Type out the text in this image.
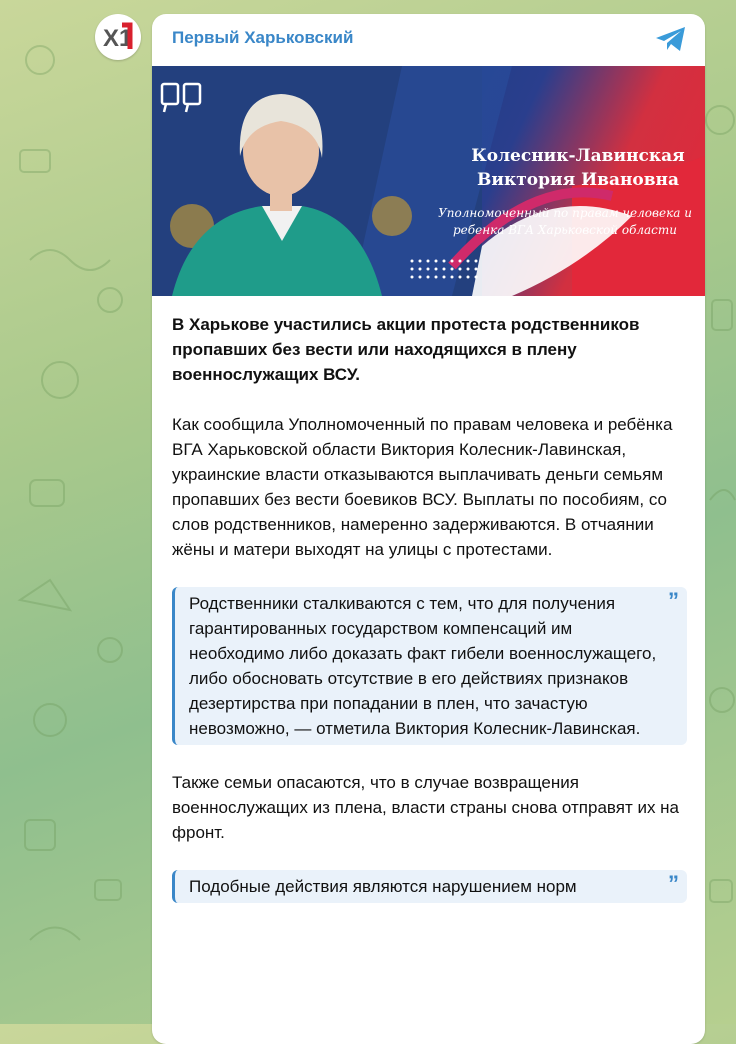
X1 Первый Харьковский
Колесник-Лавинская
Виктория Ивановна
Уполномоченный по правам человека и
ребенка ВГА Харьковской области

В Харькове участились акции протеста родственников пропавших без вести или находящихся в плену военнослужащих ВСУ.

Как сообщила Уполномоченный по правам человека и ребёнка ВГА Харьковской области Виктория Колесник-Лавинская, украинские власти отказываются выплачивать деньги семьям пропавших без вести боевиков ВСУ. Выплаты по пособиям, со слов родственников, намеренно задерживаются. В отчаянии жёны и матери выходят на улицы с протестами.

Родственники сталкиваются с тем, что для получения гарантированных государством компенсаций им необходимо либо доказать факт гибели военнослужащего, либо обосновать отсутствие в его действиях признаков дезертирства при попадании в плен, что зачастую невозможно, — отметила Виктория Колесник-Лавинская.
”

Также семьи опасаются, что в случае возвращения военнослужащих из плена, власти страны снова отправят их на фронт.

Подобные действия являются нарушением норм	”
